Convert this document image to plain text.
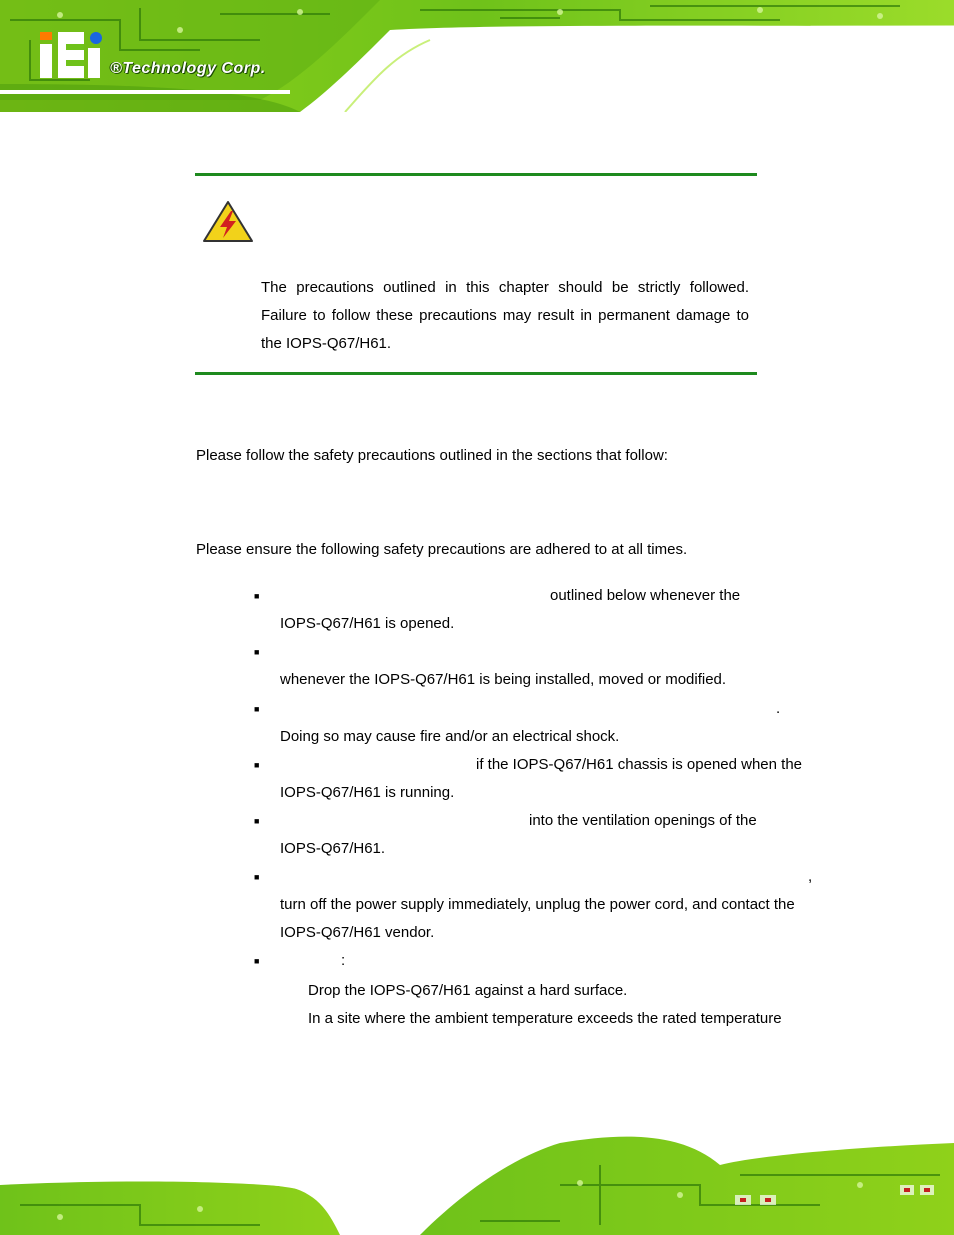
®Technology Corp.
The precautions outlined in this chapter should be strictly followed. Failure to follow these precautions may result in permanent damage to the IOPS-Q67/H61.
Please follow the safety precautions outlined in the sections that follow:
Please ensure the following safety precautions are adhered to at all times.
■	outlined below whenever the
IOPS-Q67/H61 is opened.
■
whenever the IOPS-Q67/H61 is being installed, moved or modified.
■	.
Doing so may cause fire and/or an electrical shock.
■	if the IOPS-Q67/H61 chassis is opened when the
IOPS-Q67/H61 is running.
■	into the ventilation openings of the
IOPS-Q67/H61.
■	,
turn off the power supply immediately, unplug the power cord, and contact the
IOPS-Q67/H61 vendor.
■	:
Drop the IOPS-Q67/H61 against a hard surface.
In a site where the ambient temperature exceeds the rated temperature
